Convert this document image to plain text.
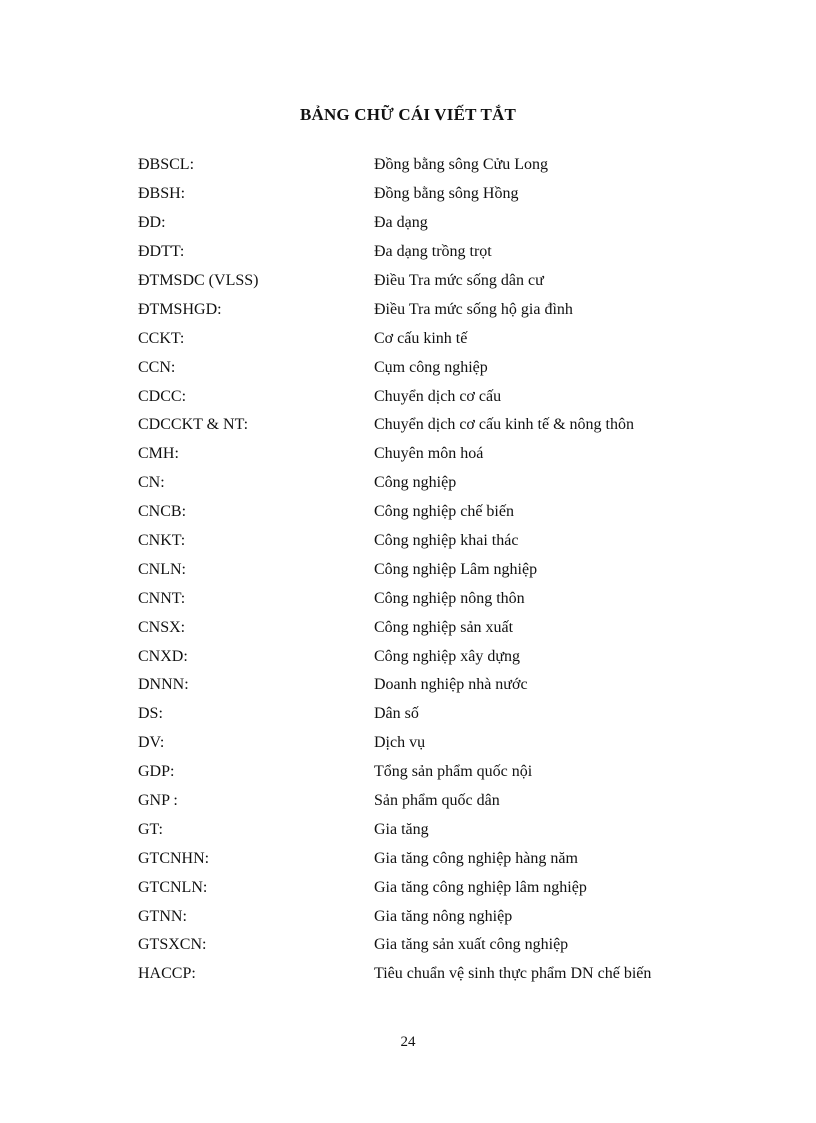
BẢNG CHỮ CÁI VIẾT TẮT
ĐBSCL:	Đồng bằng sông Cửu Long
ĐBSH:	Đồng bằng sông Hồng
ĐD:	Đa dạng
ĐDTT:	Đa dạng trồng trọt
ĐTMSDC (VLSS)	Điều Tra mức sống dân cư
ĐTMSHGD:	Điều Tra mức sống hộ gia đình
CCKT:	Cơ cấu kinh tế
CCN:	Cụm công nghiệp
CDCC:	Chuyển dịch cơ cấu
CDCCKT & NT:	Chuyển dịch cơ cấu kinh tế & nông thôn
CMH:	Chuyên môn hoá
CN:	Công nghiệp
CNCB:	Công nghiệp chế biến
CNKT:	Công nghiệp khai thác
CNLN:	Công nghiệp Lâm nghiệp
CNNT:	Công nghiệp nông thôn
CNSX:	Công nghiệp sản xuất
CNXD:	Công nghiệp xây dựng
DNNN:	Doanh nghiệp nhà nước
DS:	Dân số
DV:	Dịch vụ
GDP:	Tổng sản phẩm quốc nội
GNP :	Sản phẩm quốc dân
GT:	Gia tăng
GTCNHN:	Gia tăng công nghiệp hàng năm
GTCNLN:	Gia tăng công nghiệp lâm nghiệp
GTNN:	Gia tăng nông nghiệp
GTSXCN:	Gia tăng sản xuất công nghiệp
HACCP:	Tiêu chuẩn vệ sinh thực phẩm DN chế biến
24
